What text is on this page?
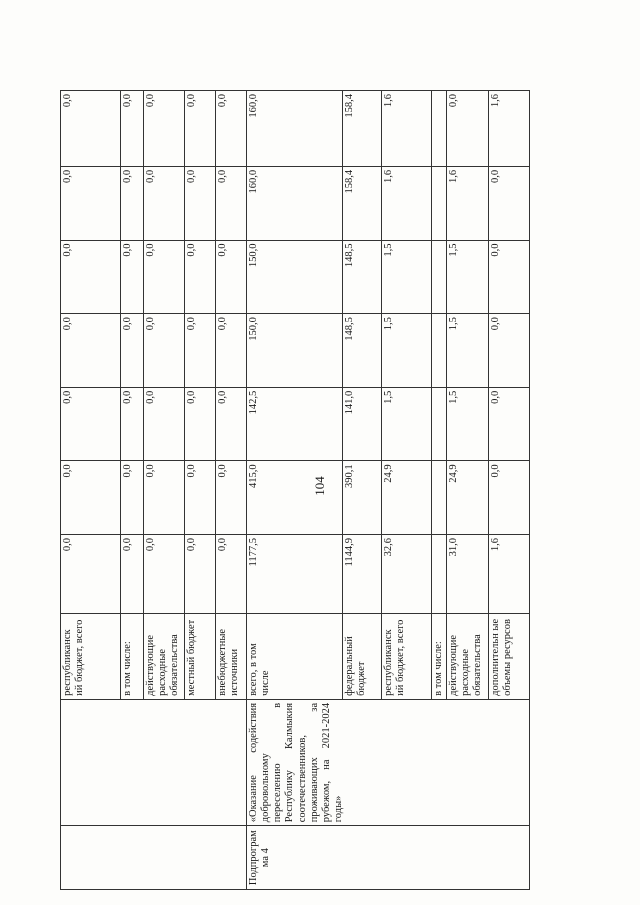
104
		республиканск ий бюджет, всего	0,0	0,0	0,0	0,0	0,0	0,0	0,0
		в том числе:	0,0	0,0	0,0	0,0	0,0	0,0	0,0
		действующие расходные обязательства	0,0	0,0	0,0	0,0	0,0	0,0	0,0
		местный бюджет	0,0	0,0	0,0	0,0	0,0	0,0	0,0
		внебюджетные источники	0,0	0,0	0,0	0,0	0,0	0,0	0,0
Подпрограм ма 4	«Оказание содействия добровольному переселению в Республику Калмыкия соотечественников, проживающих за рубежом, на 2021-2024 годы»	всего, в том числе	1177,5	415,0	142,5	150,0	150,0	160,0	160,0
		федеральный бюджет	1144,9	390,1	141,0	148,5	148,5	158,4	158,4
		республиканск ий бюджет, всего	32,6	24,9	1,5	1,5	1,5	1,6	1,6
		в том числе:							
		действующие расходные обязательства	31,0	24,9	1,5	1,5	1,5	1,6	0,0
		дополнительн ые объемы ресурсов	1,6	0,0	0,0	0,0	0,0	0,0	1,6
